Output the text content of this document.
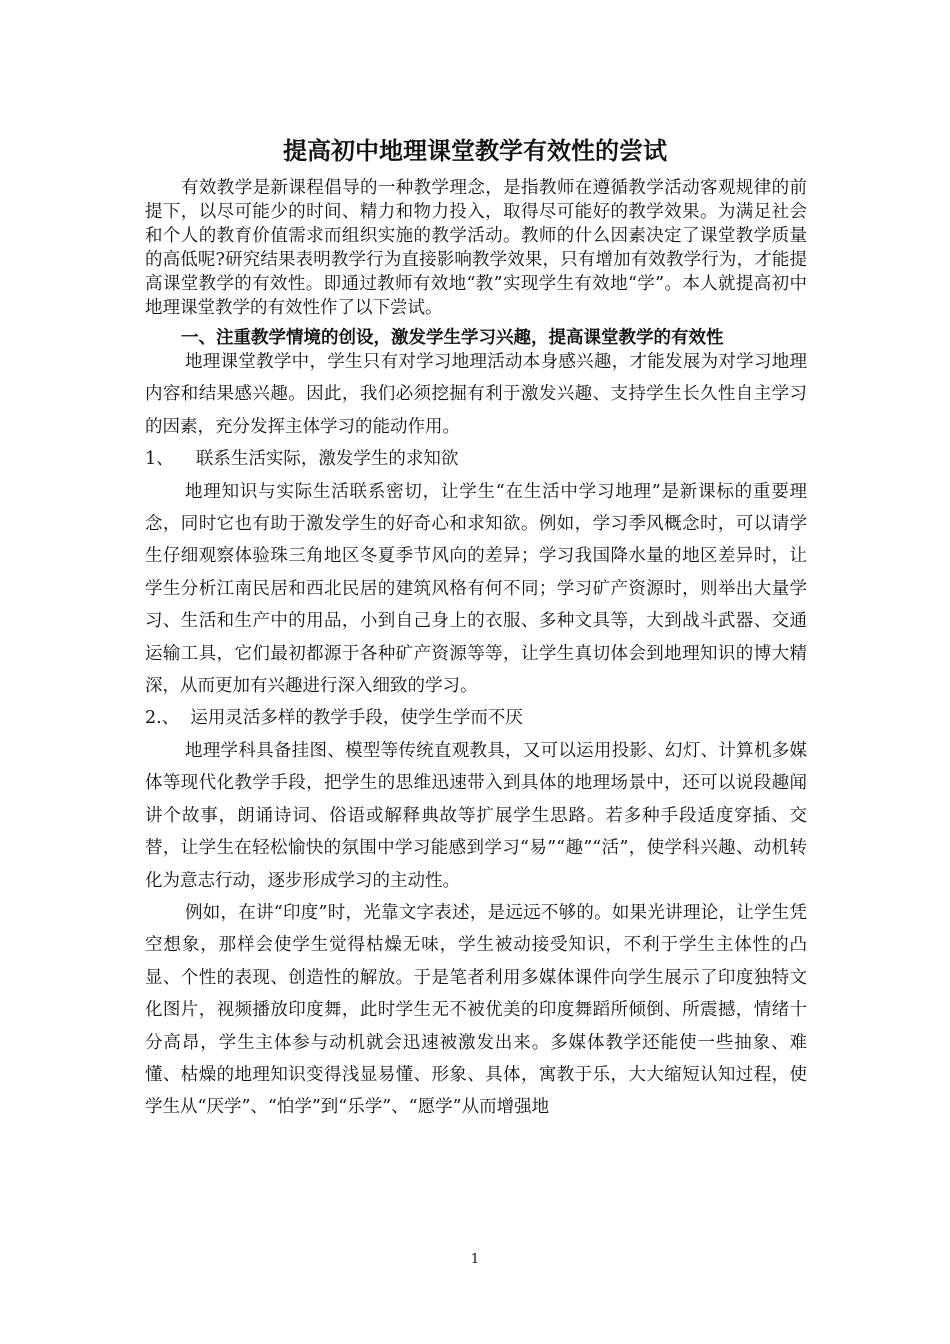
提高初中地理课堂教学有效性的尝试

有效教学是新课程倡导的一种教学理念，是指教师在遵循教学活动客观规律的前提下，以尽可能少的时间、精力和物力投入，取得尽可能好的教学效果。为满足社会和个人的教育价值需求而组织实施的教学活动。教师的什么因素决定了课堂教学质量的高低呢?研究结果表明教学行为直接影响教学效果，只有增加有效教学行为，才能提高课堂教学的有效性。即通过教师有效地“教”实现学生有效地“学”。本人就提高初中地理课堂教学的有效性作了以下尝试。

一、注重教学情境的创设，激发学生学习兴趣，提高课堂教学的有效性

地理课堂教学中，学生只有对学习地理活动本身感兴趣，才能发展为对学习地理内容和结果感兴趣。因此，我们必须挖掘有利于激发兴趣、支持学生长久性自主学习的因素，充分发挥主体学习的能动作用。

1、    联系生活实际，激发学生的求知欲

地理知识与实际生活联系密切，让学生“在生活中学习地理”是新课标的重要理念，同时它也有助于激发学生的好奇心和求知欲。例如，学习季风概念时，可以请学生仔细观察体验珠三角地区冬夏季节风向的差异；学习我国降水量的地区差异时，让学生分析江南民居和西北民居的建筑风格有何不同；学习矿产资源时，则举出大量学习、生活和生产中的用品，小到自己身上的衣服、多种文具等，大到战斗武器、交通运输工具，它们最初都源于各种矿产资源等等，让学生真切体会到地理知识的博大精深，从而更加有兴趣进行深入细致的学习。

2.、  运用灵活多样的教学手段，使学生学而不厌

地理学科具备挂图、模型等传统直观教具，又可以运用投影、幻灯、计算机多媒体等现代化教学手段，把学生的思维迅速带入到具体的地理场景中，还可以说段趣闻讲个故事，朗诵诗词、俗语或解释典故等扩展学生思路。若多种手段适度穿插、交替，让学生在轻松愉快的氛围中学习能感到学习“易”“趣”“活”，使学科兴趣、动机转化为意志行动，逐步形成学习的主动性。

例如，在讲“印度”时，光靠文字表述，是远远不够的。如果光讲理论，让学生凭空想象，那样会使学生觉得枯燥无味，学生被动接受知识，不利于学生主体性的凸显、个性的表现、创造性的解放。于是笔者利用多媒体课件向学生展示了印度独特文化图片，视频播放印度舞，此时学生无不被优美的印度舞蹈所倾倒、所震撼，情绪十分高昂，学生主体参与动机就会迅速被激发出来。多媒体教学还能使一些抽象、难懂、枯燥的地理知识变得浅显易懂、形象、具体，寓教于乐，大大缩短认知过程，使学生从“厌学”、“怕学”到“乐学”、“愿学”从而增强地

1
